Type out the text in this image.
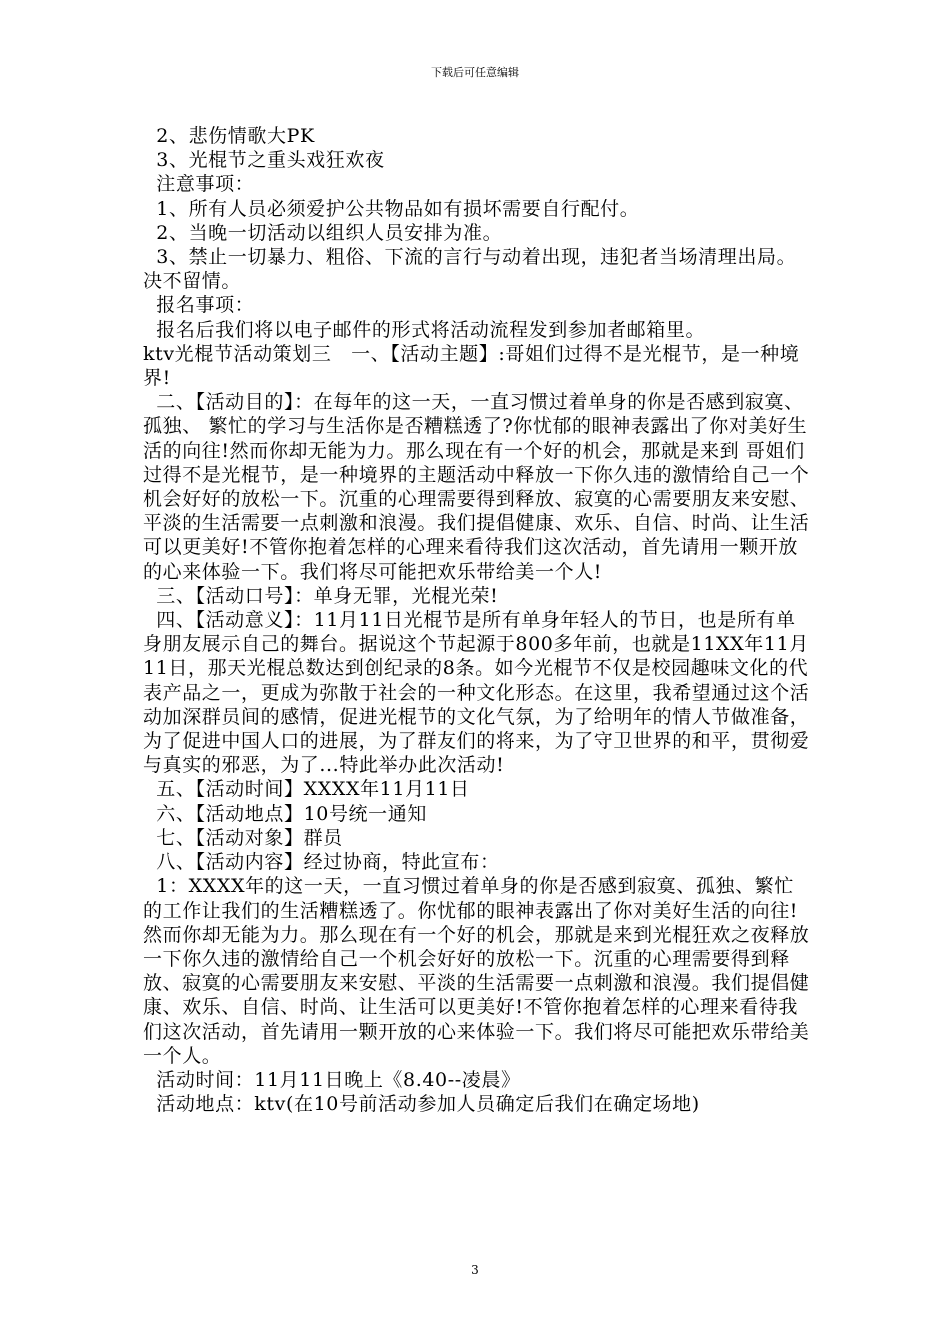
下载后可任意编辑

2、悲伤情歌大PK

3、光棍节之重头戏狂欢夜

注意事项：

1、所有人员必须爱护公共物品如有损坏需要自行配付。

2、当晚一切活动以组织人员安排为准。

3、禁止一切暴力、粗俗、下流的言行与动着出现，违犯者当场清理出局。决不留情。

报名事项：

报名后我们将以电子邮件的形式将活动流程发到参加者邮箱里。

ktv光棍节活动策划三　一、【活动主题】:哥姐们过得不是光棍节，是一种境界!

二、【活动目的】：在每年的这一天，一直习惯过着单身的你是否感到寂寞、孤独、 繁忙的学习与生活你是否糟糕透了?你忧郁的眼神表露出了你对美好生活的向往!然而你却无能为力。那么现在有一个好的机会，那就是来到 哥姐们过得不是光棍节，是一种境界的主题活动中释放一下你久违的激情给自己一个机会好好的放松一下。沉重的心理需要得到释放、寂寞的心需要朋友来安慰、平淡的生活需要一点刺激和浪漫。我们提倡健康、欢乐、自信、时尚、让生活可以更美好!不管你抱着怎样的心理来看待我们这次活动，首先请用一颗开放的心来体验一下。我们将尽可能把欢乐带给美一个人!

三、【活动口号】：单身无罪，光棍光荣!

四、【活动意义】：11月11日光棍节是所有单身年轻人的节日，也是所有单身朋友展示自己的舞台。据说这个节起源于800多年前，也就是11XX年11月11日，那天光棍总数达到创纪录的8条。如今光棍节不仅是校园趣味文化的代表产品之一，更成为弥散于社会的一种文化形态。在这里，我希望通过这个活动加深群员间的感情，促进光棍节的文化气氛，为了给明年的情人节做准备，为了促进中国人口的进展，为了群友们的将来，为了守卫世界的和平，贯彻爱与真实的邪恶，为了...特此举办此次活动!

五、【活动时间】XXXX年11月11日

六、【活动地点】10号统一通知

七、【活动对象】群员

八、【活动内容】经过协商，特此宣布：

1：XXXX年的这一天，一直习惯过着单身的你是否感到寂寞、孤独、繁忙的工作让我们的生活糟糕透了。你忧郁的眼神表露出了你对美好生活的向往!然而你却无能为力。那么现在有一个好的机会，那就是来到光棍狂欢之夜释放一下你久违的激情给自己一个机会好好的放松一下。沉重的心理需要得到释放、寂寞的心需要朋友来安慰、平淡的生活需要一点刺激和浪漫。我们提倡健康、欢乐、自信、时尚、让生活可以更美好!不管你抱着怎样的心理来看待我们这次活动，首先请用一颗开放的心来体验一下。我们将尽可能把欢乐带给美一个人。

活动时间：11月11日晚上《8.40--凌晨》

活动地点：ktv(在10号前活动参加人员确定后我们在确定场地)

3
